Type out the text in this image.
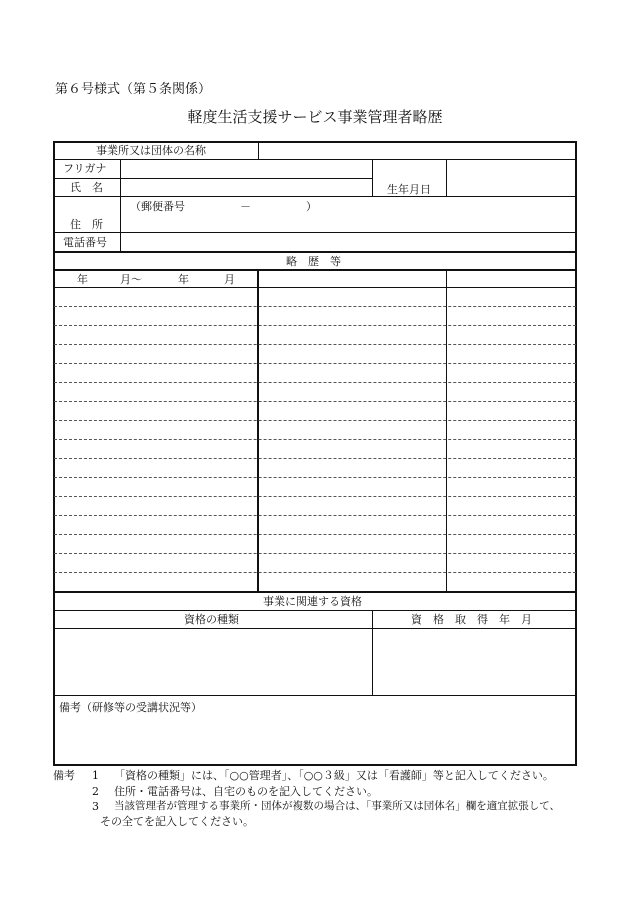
第６号様式（第５条関係）
軽度生活支援サービス事業管理者略歴
事業所又は団体の名称
フリガナ
氏　名	生年月日
（郵便番号　　　　　－　　　　　）
住　所
電話番号
略　歴　等
年	月～	年	月
事業に関連する資格
資格の種類	資　格　取　得　年　月
備考（研修等の受講状況等）
備考 1 「資格の種類」には、「○○管理者」、「○○３級」又は「看護師」等と記入してください。
2 住所・電話番号は、自宅のものを記入してください。
3 当該管理者が管理する事業所・団体が複数の場合は、「事業所又は団体名」欄を適宜拡張して、
その全てを記入してください。
